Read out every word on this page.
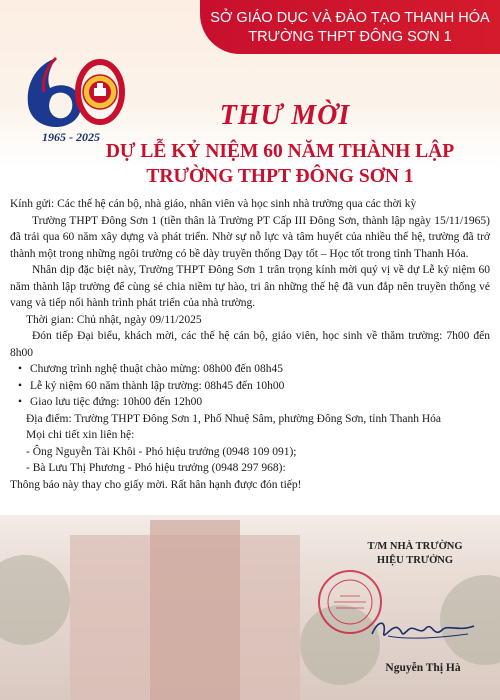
SỞ GIÁO DỤC VÀ ĐÀO TẠO THANH HÓA
TRƯỜNG THPT ĐÔNG SƠN 1
1965 - 2025
THƯ MỜI
DỰ LỄ KỶ NIỆM 60 NĂM THÀNH LẬP
TRƯỜNG THPT ĐÔNG SƠN 1

Kính gửi: Các thế hệ cán bộ, nhà giáo, nhân viên và học sinh nhà trường qua các thời kỳ

Trường THPT Đông Sơn 1 (tiền thân là Trường PT Cấp III Đông Sơn, thành lập ngày 15/11/1965) đã trải qua 60 năm xây dựng và phát triển. Nhờ sự nỗ lực và tâm huyết của nhiều thế hệ, trường đã trở thành một trong những ngôi trường có bề dày truyền thống Dạy tốt – Học tốt trong tỉnh Thanh Hóa.

Nhân dịp đặc biệt này, Trường THPT Đông Sơn 1 trân trọng kính mời quý vị về dự Lễ kỷ niệm 60 năm thành lập trường để cùng sẻ chia niềm tự hào, tri ân những thế hệ đã vun đắp nên truyền thống vẻ vang và tiếp nối hành trình phát triển của nhà trường.

Thời gian: Chủ nhật, ngày 09/11/2025

Đón tiếp Đại biểu, khách mời, các thế hệ cán bộ, giáo viên, học sinh về thăm trường: 7h00 đến 8h00

• Chương trình nghệ thuật chào mừng: 08h00 đến 08h45
• Lễ kỷ niệm 60 năm thành lập trường: 08h45 đến 10h00
• Giao lưu tiệc đứng: 10h00 đến 12h00

Địa điểm: Trường THPT Đông Sơn 1, Phố Nhuệ Sâm, phường Đông Sơn, tỉnh Thanh Hóa

Mọi chi tiết xin liên hệ:

- Ông Nguyễn Tài Khôi - Phó hiệu trưởng (0948 109 091);

- Bà Lưu Thị Phương - Phó hiệu trưởng (0948 297 968):

Thông báo này thay cho giấy mời. Rất hân hạnh được đón tiếp!

T/M NHÀ TRƯỜNG
HIỆU TRƯỞNG
Nguyễn Thị Hà
